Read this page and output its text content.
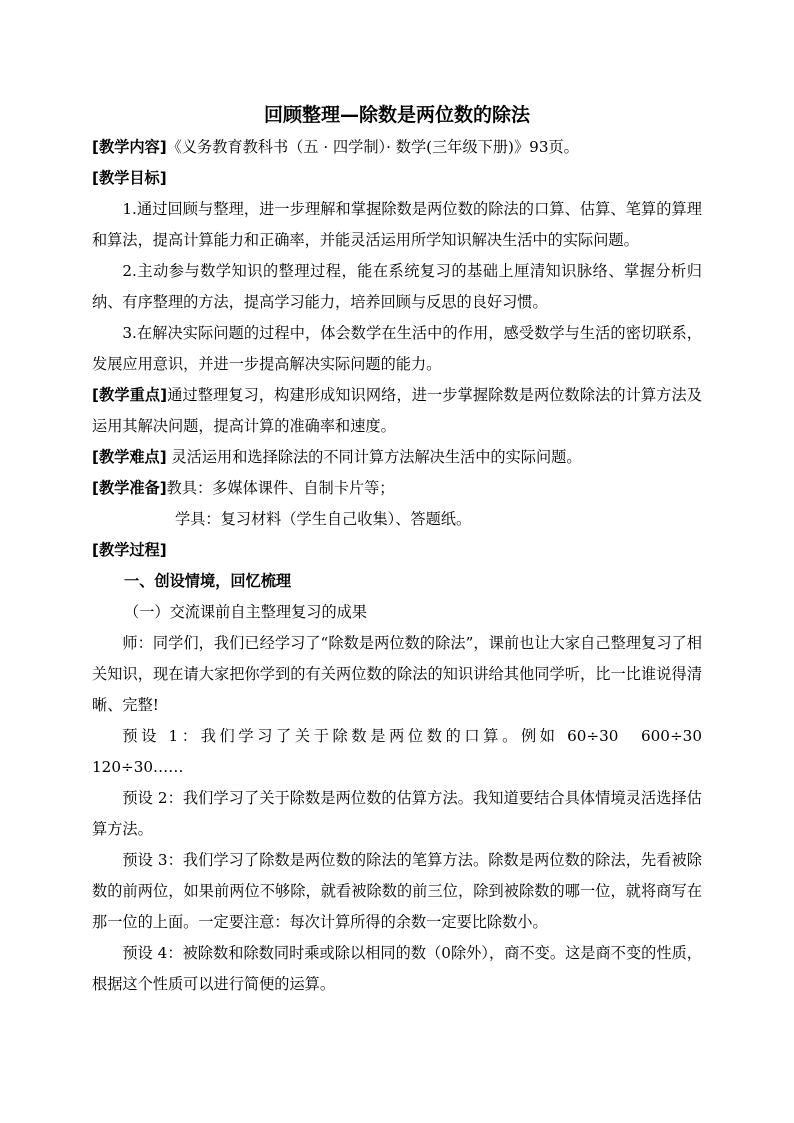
回顾整理—除数是两位数的除法

[教学内容]《义务教育教科书（五 · 四学制）· 数学(三年级下册)》93页。

[教学目标]

1.通过回顾与整理，进一步理解和掌握除数是两位数的除法的口算、估算、笔算的算理和算法，提高计算能力和正确率，并能灵活运用所学知识解决生活中的实际问题。

2.主动参与数学知识的整理过程，能在系统复习的基础上厘清知识脉络、掌握分析归纳、有序整理的方法，提高学习能力，培养回顾与反思的良好习惯。

3.在解决实际问题的过程中，体会数学在生活中的作用，感受数学与生活的密切联系，发展应用意识，并进一步提高解决实际问题的能力。

[教学重点]通过整理复习，构建形成知识网络，进一步掌握除数是两位数除法的计算方法及运用其解决问题，提高计算的准确率和速度。

[教学难点] 灵活运用和选择除法的不同计算方法解决生活中的实际问题。

[教学准备]教具：多媒体课件、自制卡片等；

学具：复习材料（学生自己收集）、答题纸。

[教学过程]

一、创设情境，回忆梳理

（一）交流课前自主整理复习的成果

师：同学们，我们已经学习了“除数是两位数的除法”，课前也让大家自己整理复习了相关知识，现在请大家把你学到的有关两位数的除法的知识讲给其他同学听，比一比谁说得清晰、完整!

预设 1：我们学习了关于除数是两位数的口算。例如 60÷30　600÷30　120÷30……

预设 2：我们学习了关于除数是两位数的估算方法。我知道要结合具体情境灵活选择估算方法。

预设 3：我们学习了除数是两位数的除法的笔算方法。除数是两位数的除法，先看被除数的前两位，如果前两位不够除，就看被除数的前三位，除到被除数的哪一位，就将商写在那一位的上面。一定要注意：每次计算所得的余数一定要比除数小。

预设 4：被除数和除数同时乘或除以相同的数（0除外），商不变。这是商不变的性质，根据这个性质可以进行简便的运算。
